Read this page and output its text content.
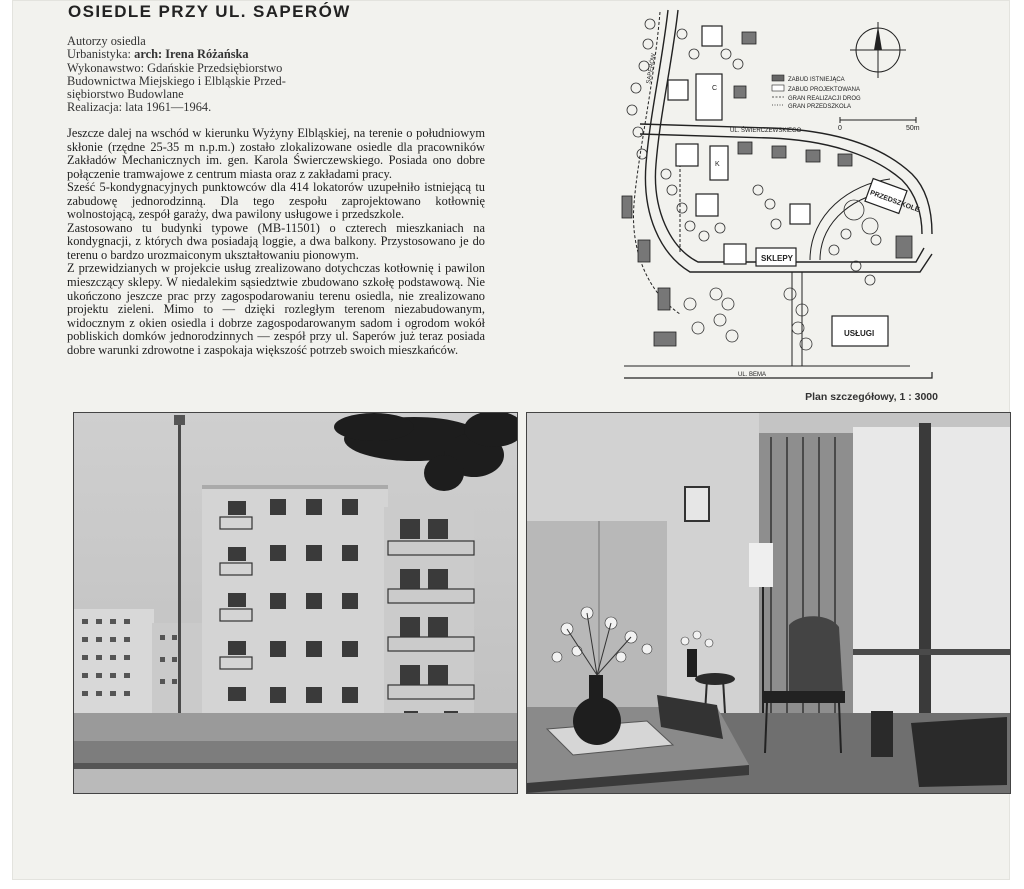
OSIEDLE PRZY UL. SAPERÓW
Autorzy osiedla
Urbanistyka: arch: Irena Różańska
Wykonawstwo: Gdańskie Przedsiębiorstwo
Budownictwa Miejskiego i Elbląskie Przed-
siębiorstwo Budowlane
Realizacja: lata 1961—1964.

Jeszcze dalej na wschód w kierunku Wyżyny Elbląskiej, na terenie o południowym skłonie (rzędne 25-35 m n.p.m.) zostało zlokalizowane osiedle dla pracowników Zakładów Mechanicznych im. gen. Karola Świerczewskiego. Posiada ono dobre połączenie tramwajowe z centrum miasta oraz z zakładami pracy.

Sześć 5-kondygnacyjnych punktowców dla 414 lokatorów uzupełniło istniejącą tu zabudowę jednorodzinną. Dla tego zespołu zaprojektowano kotłownię wolnostojącą, zespół garaży, dwa pawilony usługowe i przedszkole.

Zastosowano tu budynki typowe (MB-11501) o czterech mieszkaniach na kondygnacji, z których dwa posiadają loggie, a dwa balkony. Przystosowano je do terenu o bardzo urozmaiconym ukształtowaniu pionowym.

Z przewidzianych w projekcie usług zrealizowano dotychczas kotłownię i pawilon mieszczący sklepy. W niedalekim sąsiedztwie zbudowano szkołę podstawową. Nie ukończono jeszcze prac przy zagospodarowaniu terenu osiedla, nie zrealizowano projektu zieleni. Mimo to — dzięki rozległym terenom niezabudowanym, widocznym z okien osiedla i dobrze zagospodarowanym sadom i ogrodom wokół pobliskich domków jednorodzinnych — zespół przy ul. Saperów już teraz posiada dobre warunki zdrowotne i zaspokaja większość potrzeb swoich mieszkańców.

C
K
SKLEPY
PRZEDSZKOLE
USŁUGI
UL. ŚWIERCZEWSKIEGO
UL. BEMA
SAPERÓW	ZABUD ISTNIEJĄCA
ZABUD PROJEKTOWANA
GRAN REALIZACJI DROG
GRAN PRZEDSZKOLA
0	50m
Plan szczegółowy, 1 : 3000
